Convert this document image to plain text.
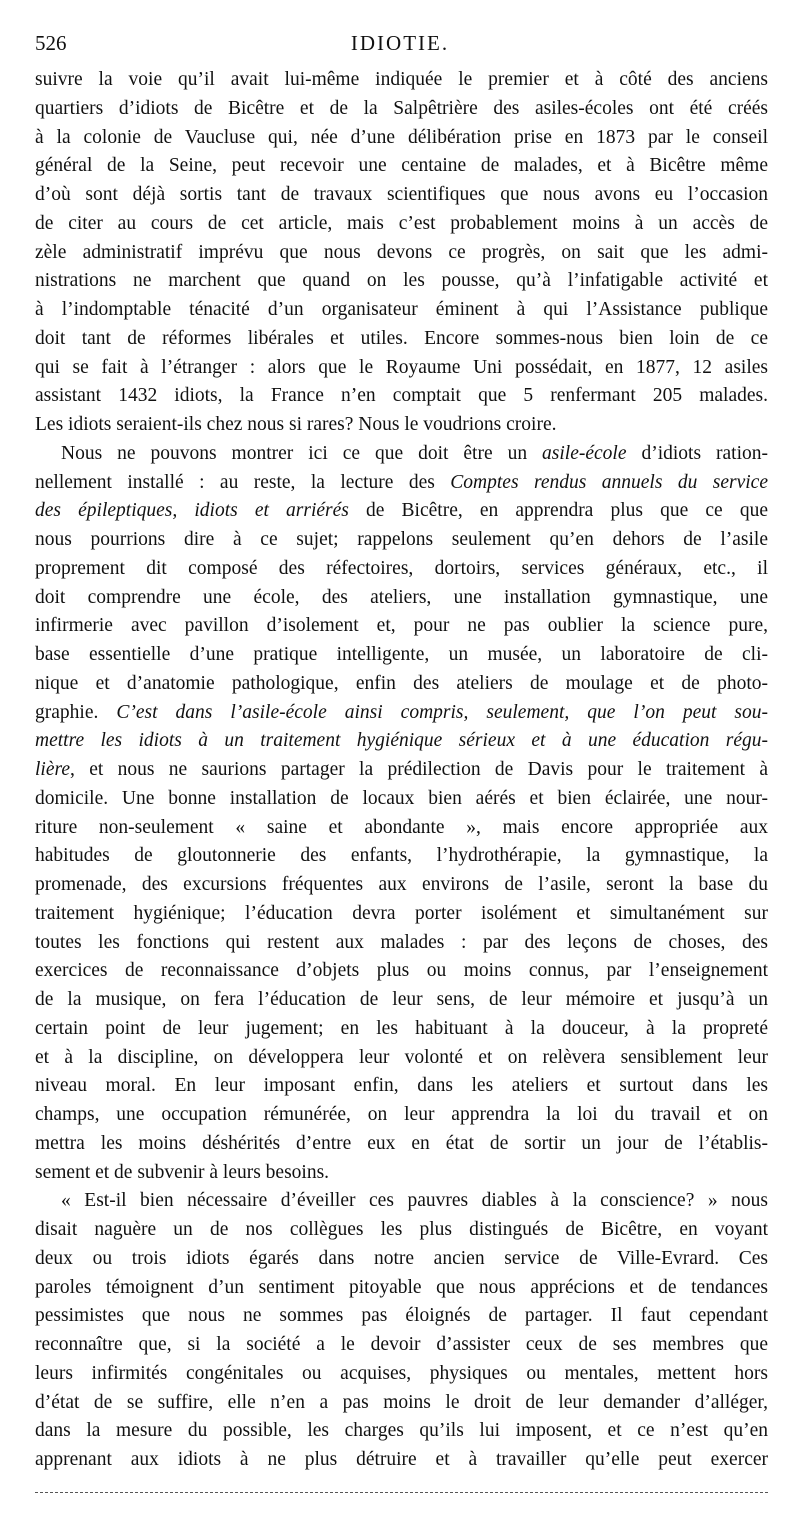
526	IDIOTIE.
suivre la voie qu’il avait lui-même indiquée le premier et à côté des anciens
quartiers d’idiots de Bicêtre et de la Salpêtrière des asiles-écoles ont été créés
à la colonie de Vaucluse qui, née d’une délibération prise en 1873 par le conseil
général de la Seine, peut recevoir une centaine de malades, et à Bicêtre même
d’où sont déjà sortis tant de travaux scientifiques que nous avons eu l’occasion
de citer au cours de cet article, mais c’est probablement moins à un accès de
zèle administratif imprévu que nous devons ce progrès, on sait que les admi-
nistrations ne marchent que quand on les pousse, qu’à l’infatigable activité et
à l’indomptable ténacité d’un organisateur éminent à qui l’Assistance publique
doit tant de réformes libérales et utiles. Encore sommes-nous bien loin de ce
qui se fait à l’étranger : alors que le Royaume Uni possédait, en 1877, 12 asiles
assistant 1432 idiots, la France n’en comptait que 5 renfermant 205 malades.
Les idiots seraient-ils chez nous si rares? Nous le voudrions croire.
Nous ne pouvons montrer ici ce que doit être un asile-école d’idiots ration-
nellement installé : au reste, la lecture des Comptes rendus annuels du service
des épileptiques, idiots et arriérés de Bicêtre, en apprendra plus que ce que
nous pourrions dire à ce sujet; rappelons seulement qu’en dehors de l’asile
proprement dit composé des réfectoires, dortoirs, services généraux, etc., il
doit comprendre une école, des ateliers, une installation gymnastique, une
infirmerie avec pavillon d’isolement et, pour ne pas oublier la science pure,
base essentielle d’une pratique intelligente, un musée, un laboratoire de cli-
nique et d’anatomie pathologique, enfin des ateliers de moulage et de photo-
graphie. C’est dans l’asile-école ainsi compris, seulement, que l’on peut sou-
mettre les idiots à un traitement hygiénique sérieux et à une éducation régu-
lière, et nous ne saurions partager la prédilection de Davis pour le traitement à
domicile. Une bonne installation de locaux bien aérés et bien éclairée, une nour-
riture non-seulement « saine et abondante », mais encore appropriée aux
habitudes de gloutonnerie des enfants, l’hydrothérapie, la gymnastique, la
promenade, des excursions fréquentes aux environs de l’asile, seront la base du
traitement hygiénique; l’éducation devra porter isolément et simultanément sur
toutes les fonctions qui restent aux malades : par des leçons de choses, des
exercices de reconnaissance d’objets plus ou moins connus, par l’enseignement
de la musique, on fera l’éducation de leur sens, de leur mémoire et jusqu’à un
certain point de leur jugement; en les habituant à la douceur, à la propreté
et à la discipline, on développera leur volonté et on relèvera sensiblement leur
niveau moral. En leur imposant enfin, dans les ateliers et surtout dans les
champs, une occupation rémunérée, on leur apprendra la loi du travail et on
mettra les moins déshérités d’entre eux en état de sortir un jour de l’établis-
sement et de subvenir à leurs besoins.
« Est-il bien nécessaire d’éveiller ces pauvres diables à la conscience? » nous
disait naguère un de nos collègues les plus distingués de Bicêtre, en voyant
deux ou trois idiots égarés dans notre ancien service de Ville-Evrard. Ces
paroles témoignent d’un sentiment pitoyable que nous apprécions et de tendances
pessimistes que nous ne sommes pas éloignés de partager. Il faut cependant
reconnaître que, si la société a le devoir d’assister ceux de ses membres que
leurs infirmités congénitales ou acquises, physiques ou mentales, mettent hors
d’état de se suffire, elle n’en a pas moins le droit de leur demander d’alléger,
dans la mesure du possible, les charges qu’ils lui imposent, et ce n’est qu’en
apprenant aux idiots à ne plus détruire et à travailler qu’elle peut exercer
